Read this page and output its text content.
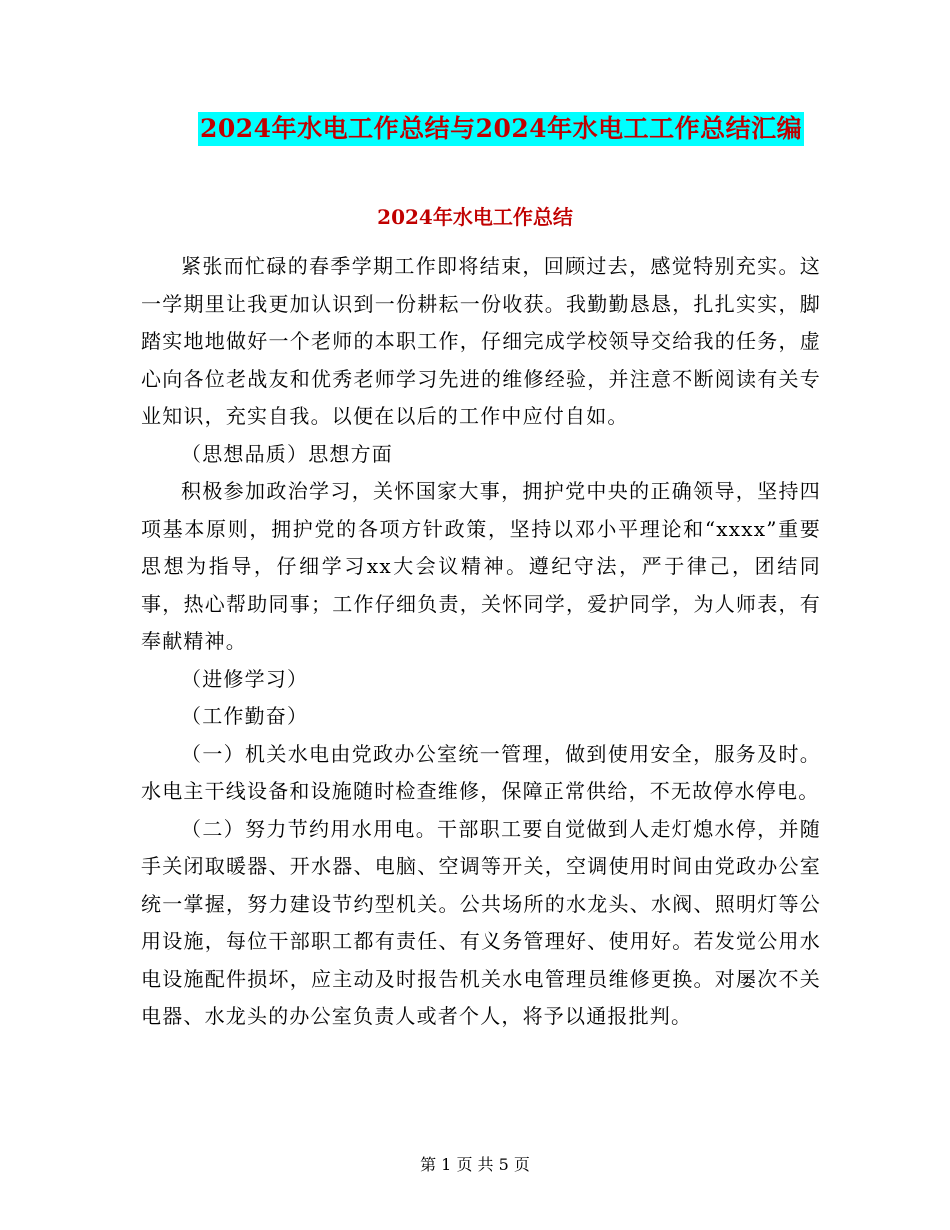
2024年水电工作总结与2024年水电工工作总结汇编
2024年水电工作总结

紧张而忙碌的春季学期工作即将结束，回顾过去，感觉特别充实。这一学期里让我更加认识到一份耕耘一份收获。我勤勤恳恳，扎扎实实，脚踏实地地做好一个老师的本职工作，仔细完成学校领导交给我的任务，虚心向各位老战友和优秀老师学习先进的维修经验，并注意不断阅读有关专业知识，充实自我。以便在以后的工作中应付自如。

（思想品质）思想方面

积极参加政治学习，关怀国家大事，拥护党中央的正确领导，坚持四项基本原则，拥护党的各项方针政策，坚持以邓小平理论和“xxxx”重要思想为指导，仔细学习xx大会议精神。遵纪守法，严于律己，团结同事，热心帮助同事；工作仔细负责，关怀同学，爱护同学，为人师表，有奉献精神。

（进修学习）

（工作勤奋）

（一）机关水电由党政办公室统一管理，做到使用安全，服务及时。水电主干线设备和设施随时检查维修，保障正常供给，不无故停水停电。

（二）努力节约用水用电。干部职工要自觉做到人走灯熄水停，并随手关闭取暖器、开水器、电脑、空调等开关，空调使用时间由党政办公室统一掌握，努力建设节约型机关。公共场所的水龙头、水阀、照明灯等公用设施，每位干部职工都有责任、有义务管理好、使用好。若发觉公用水电设施配件损坏，应主动及时报告机关水电管理员维修更换。对屡次不关电器、水龙头的办公室负责人或者个人，将予以通报批判。

第 1 页 共 5 页
